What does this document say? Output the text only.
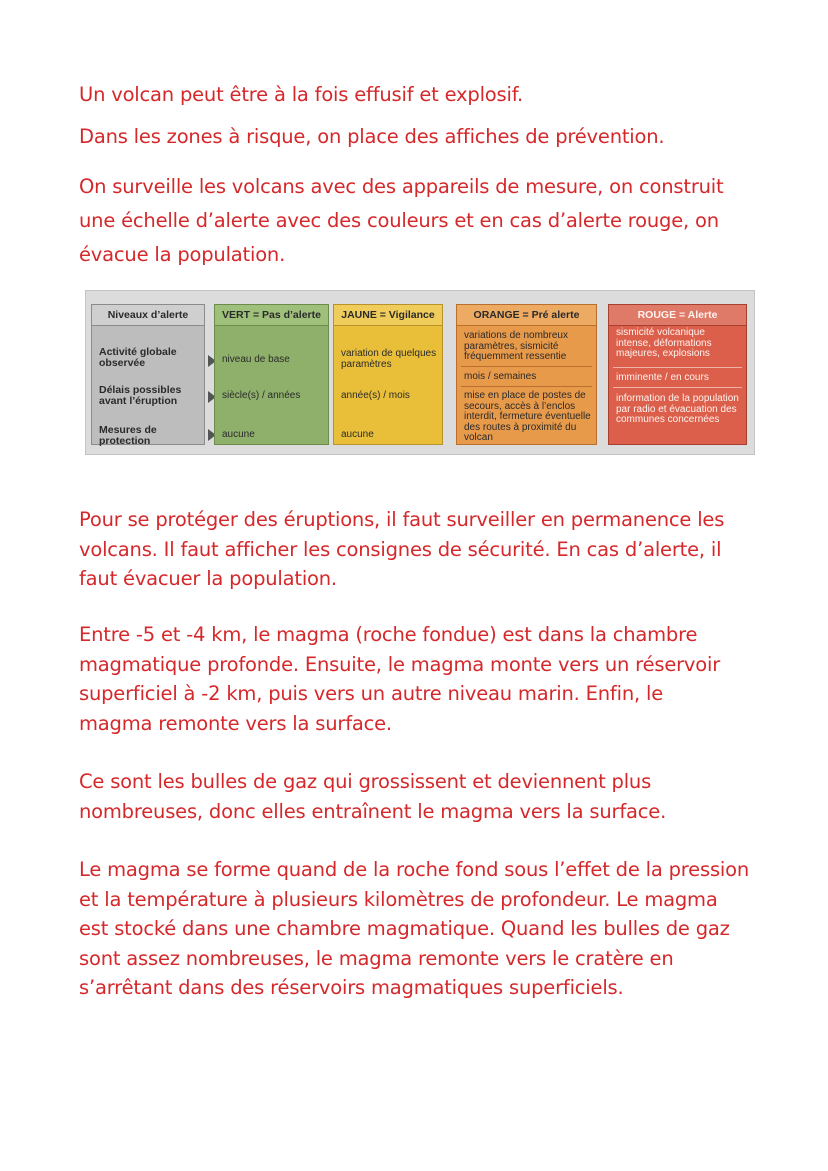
Un volcan peut être à la fois effusif et explosif.

Dans les zones à risque, on place des affiches de prévention.

On surveille les volcans avec des appareils de mesure, on construit une échelle d’alerte avec des couleurs et en cas d’alerte rouge, on évacue la population.

Niveaux d’alerte
Activité globale observée
Délais possibles avant l’éruption
Mesures de protection
VERT = Pas d’alerte
niveau de base
siècle(s) / années
aucune
JAUNE = Vigilance
variation de quelques paramètres
année(s) / mois
aucune
ORANGE = Pré alerte
variations de nombreux paramètres, sismicité fréquemment ressentie
mois / semaines
mise en place de postes de secours, accès à l’enclos interdit, fermeture éventuelle des routes à proximité du volcan
ROUGE = Alerte
sismicité volcanique intense, déformations majeures, explosions
imminente / en cours
information de la population par radio et évacuation des communes concernées

Pour se protéger des éruptions, il faut surveiller en permanence les volcans. Il faut afficher les consignes de sécurité. En cas d’alerte, il faut évacuer la population.

Entre -5 et -4 km, le magma (roche fondue) est dans la chambre magmatique profonde. Ensuite, le magma monte vers un réservoir superficiel à -2 km, puis vers un autre niveau marin. Enfin, le magma remonte vers la surface.

Ce sont les bulles de gaz qui grossissent et deviennent plus nombreuses, donc elles entraînent le magma vers la surface.

Le magma se forme quand de la roche fond sous l’effet de la pression et la température à plusieurs kilomètres de profondeur. Le magma est stocké dans une chambre magmatique. Quand les bulles de gaz sont assez nombreuses, le magma remonte vers le cratère en s’arrêtant dans des réservoirs magmatiques superficiels.
